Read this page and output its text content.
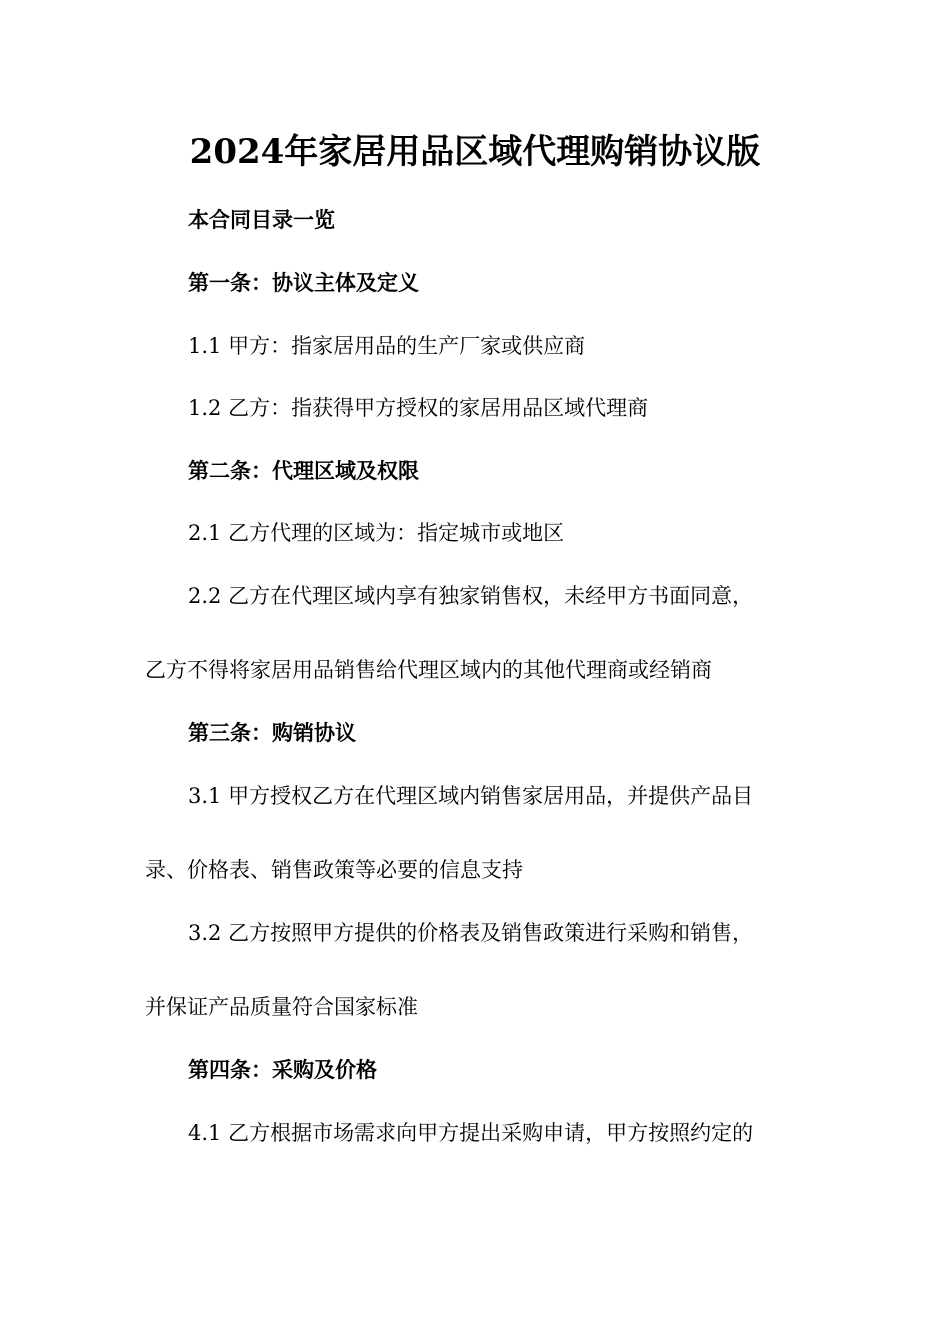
2024年家居用品区域代理购销协议版
本合同目录一览
第一条：协议主体及定义
1.1 甲方：指家居用品的生产厂家或供应商
1.2 乙方：指获得甲方授权的家居用品区域代理商
第二条：代理区域及权限
2.1 乙方代理的区域为：指定城市或地区
2.2 乙方在代理区域内享有独家销售权，未经甲方书面同意，
乙方不得将家居用品销售给代理区域内的其他代理商或经销商
第三条：购销协议
3.1 甲方授权乙方在代理区域内销售家居用品，并提供产品目
录、价格表、销售政策等必要的信息支持
3.2 乙方按照甲方提供的价格表及销售政策进行采购和销售，
并保证产品质量符合国家标准
第四条：采购及价格
4.1 乙方根据市场需求向甲方提出采购申请，甲方按照约定的
